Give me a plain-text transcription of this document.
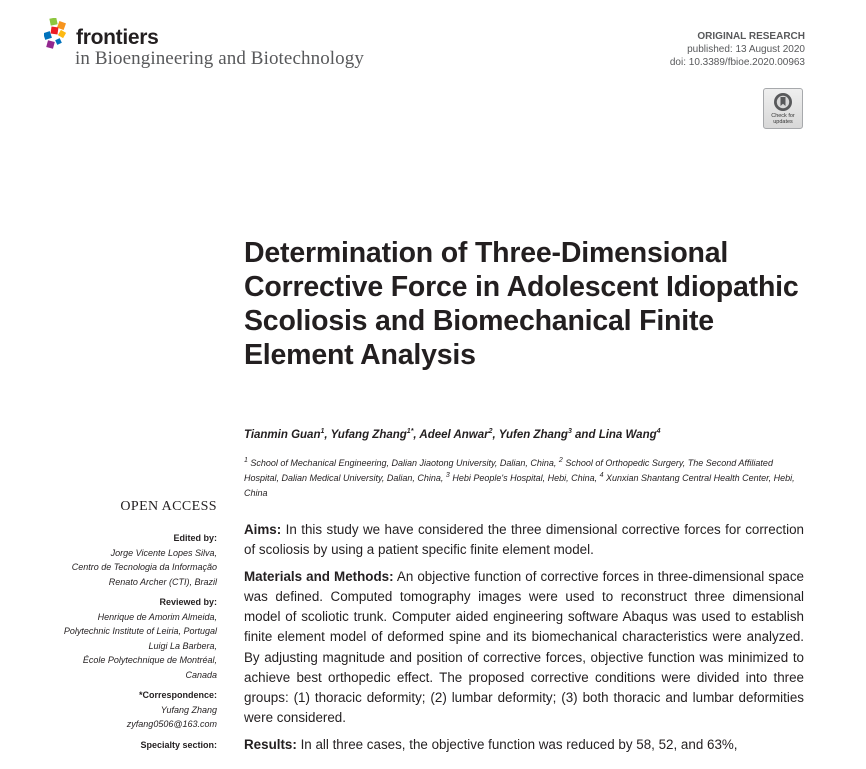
frontiers
in Bioengineering and Biotechnology
ORIGINAL RESEARCH
published: 13 August 2020
doi: 10.3389/fbioe.2020.00963
Check for
updates
Determination of Three-Dimensional Corrective Force in Adolescent Idiopathic Scoliosis and Biomechanical Finite Element Analysis
Tianmin Guan$^1$, Yufang Zhang$^{1*}$, Adeel Anwar$^2$, Yufen Zhang$^3$ and Lina Wang$^4$
$^1$ School of Mechanical Engineering, Dalian Jiaotong University, Dalian, China, $^2$ School of Orthopedic Surgery, The Second Affiliated Hospital, Dalian Medical University, Dalian, China, $^3$ Hebi People's Hospital, Hebi, China, $^4$ Xunxian Shantang Central Health Center, Hebi, China
OPEN ACCESS
Edited by:
Jorge Vicente Lopes Silva,
Centro de Tecnologia da Informação
Renato Archer (CTI), Brazil
Reviewed by:
Henrique de Amorim Almeida,
Polytechnic Institute of Leiria, Portugal
Luigi La Barbera,
École Polytechnique de Montréal,
Canada
*Correspondence:
Yufang Zhang
zyfang0506@163.com
Specialty section:

Aims: In this study we have considered the three dimensional corrective forces for correction of scoliosis by using a patient specific finite element model.

Materials and Methods: An objective function of corrective forces in three-dimensional space was defined. Computed tomography images were used to reconstruct three dimensional model of scoliotic trunk. Computer aided engineering software Abaqus was used to establish finite element model of deformed spine and its biomechanical characteristics were analyzed. By adjusting magnitude and position of corrective forces, objective function was minimized to achieve best orthopedic effect. The proposed corrective conditions were divided into three groups: (1) thoracic deformity; (2) lumbar deformity; (3) both thoracic and lumbar deformities were considered.

Results: In all three cases, the objective function was reduced by 58, 52, and 63%,
